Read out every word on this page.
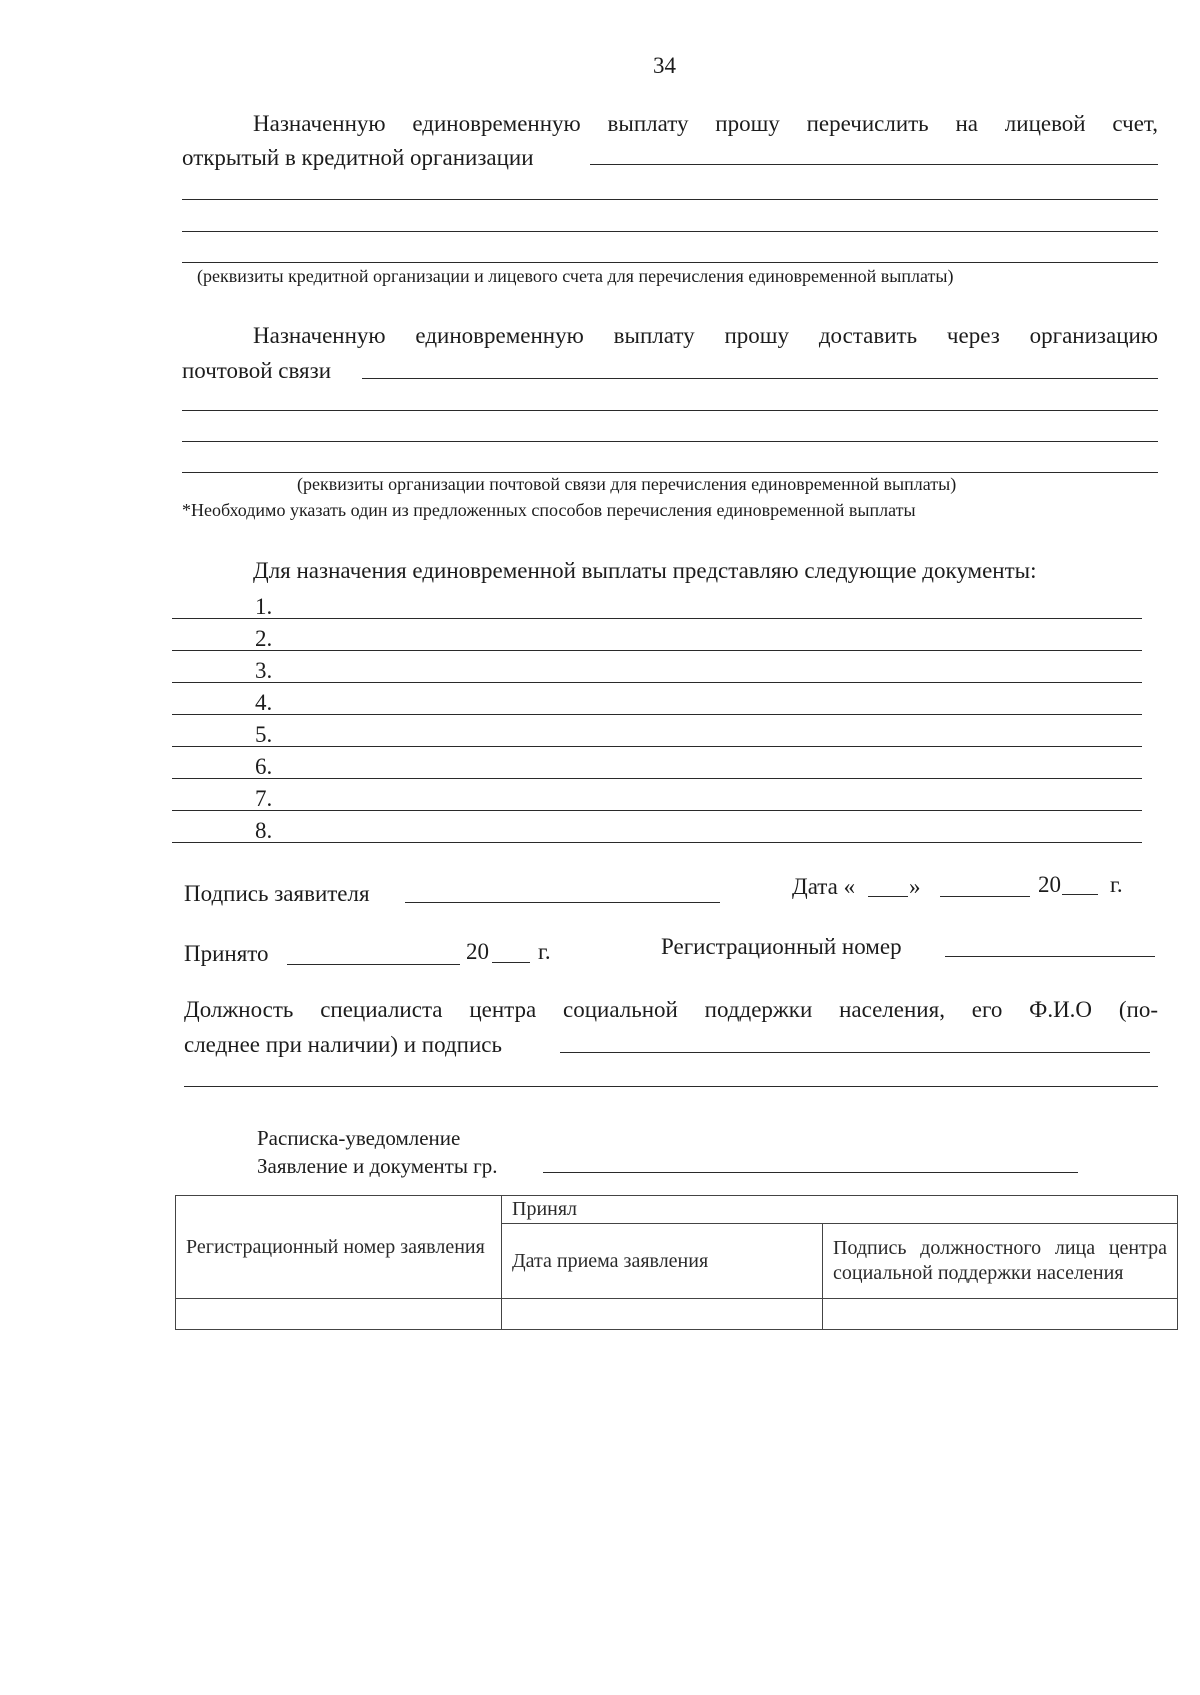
34
Назначенную единовременную выплату прошу перечислить на лицевой счет,
открытый в кредитной организации
(реквизиты кредитной организации и лицевого счета для перечисления единовременной выплаты)
Назначенную единовременную выплату прошу доставить через организацию
почтовой связи
(реквизиты организации почтовой связи для перечисления единовременной выплаты)
*Необходимо указать один из предложенных способов перечисления единовременной выплаты
Для назначения единовременной выплаты представляю следующие документы:
1.
2.
3.
4.
5.
6.
7.
8.
Подпись заявителя	Дата « »	20 г.
Принято	20 г.	Регистрационный номер
Должность специалиста центра социальной поддержки населения, его Ф.И.О (по-
следнее при наличии) и подпись
Расписка-уведомление
Заявление и документы гр.
Регистрационный номер заявления	Принял	
	Дата приема заявления	Подпись должностного лица центра социальной поддержки населения
